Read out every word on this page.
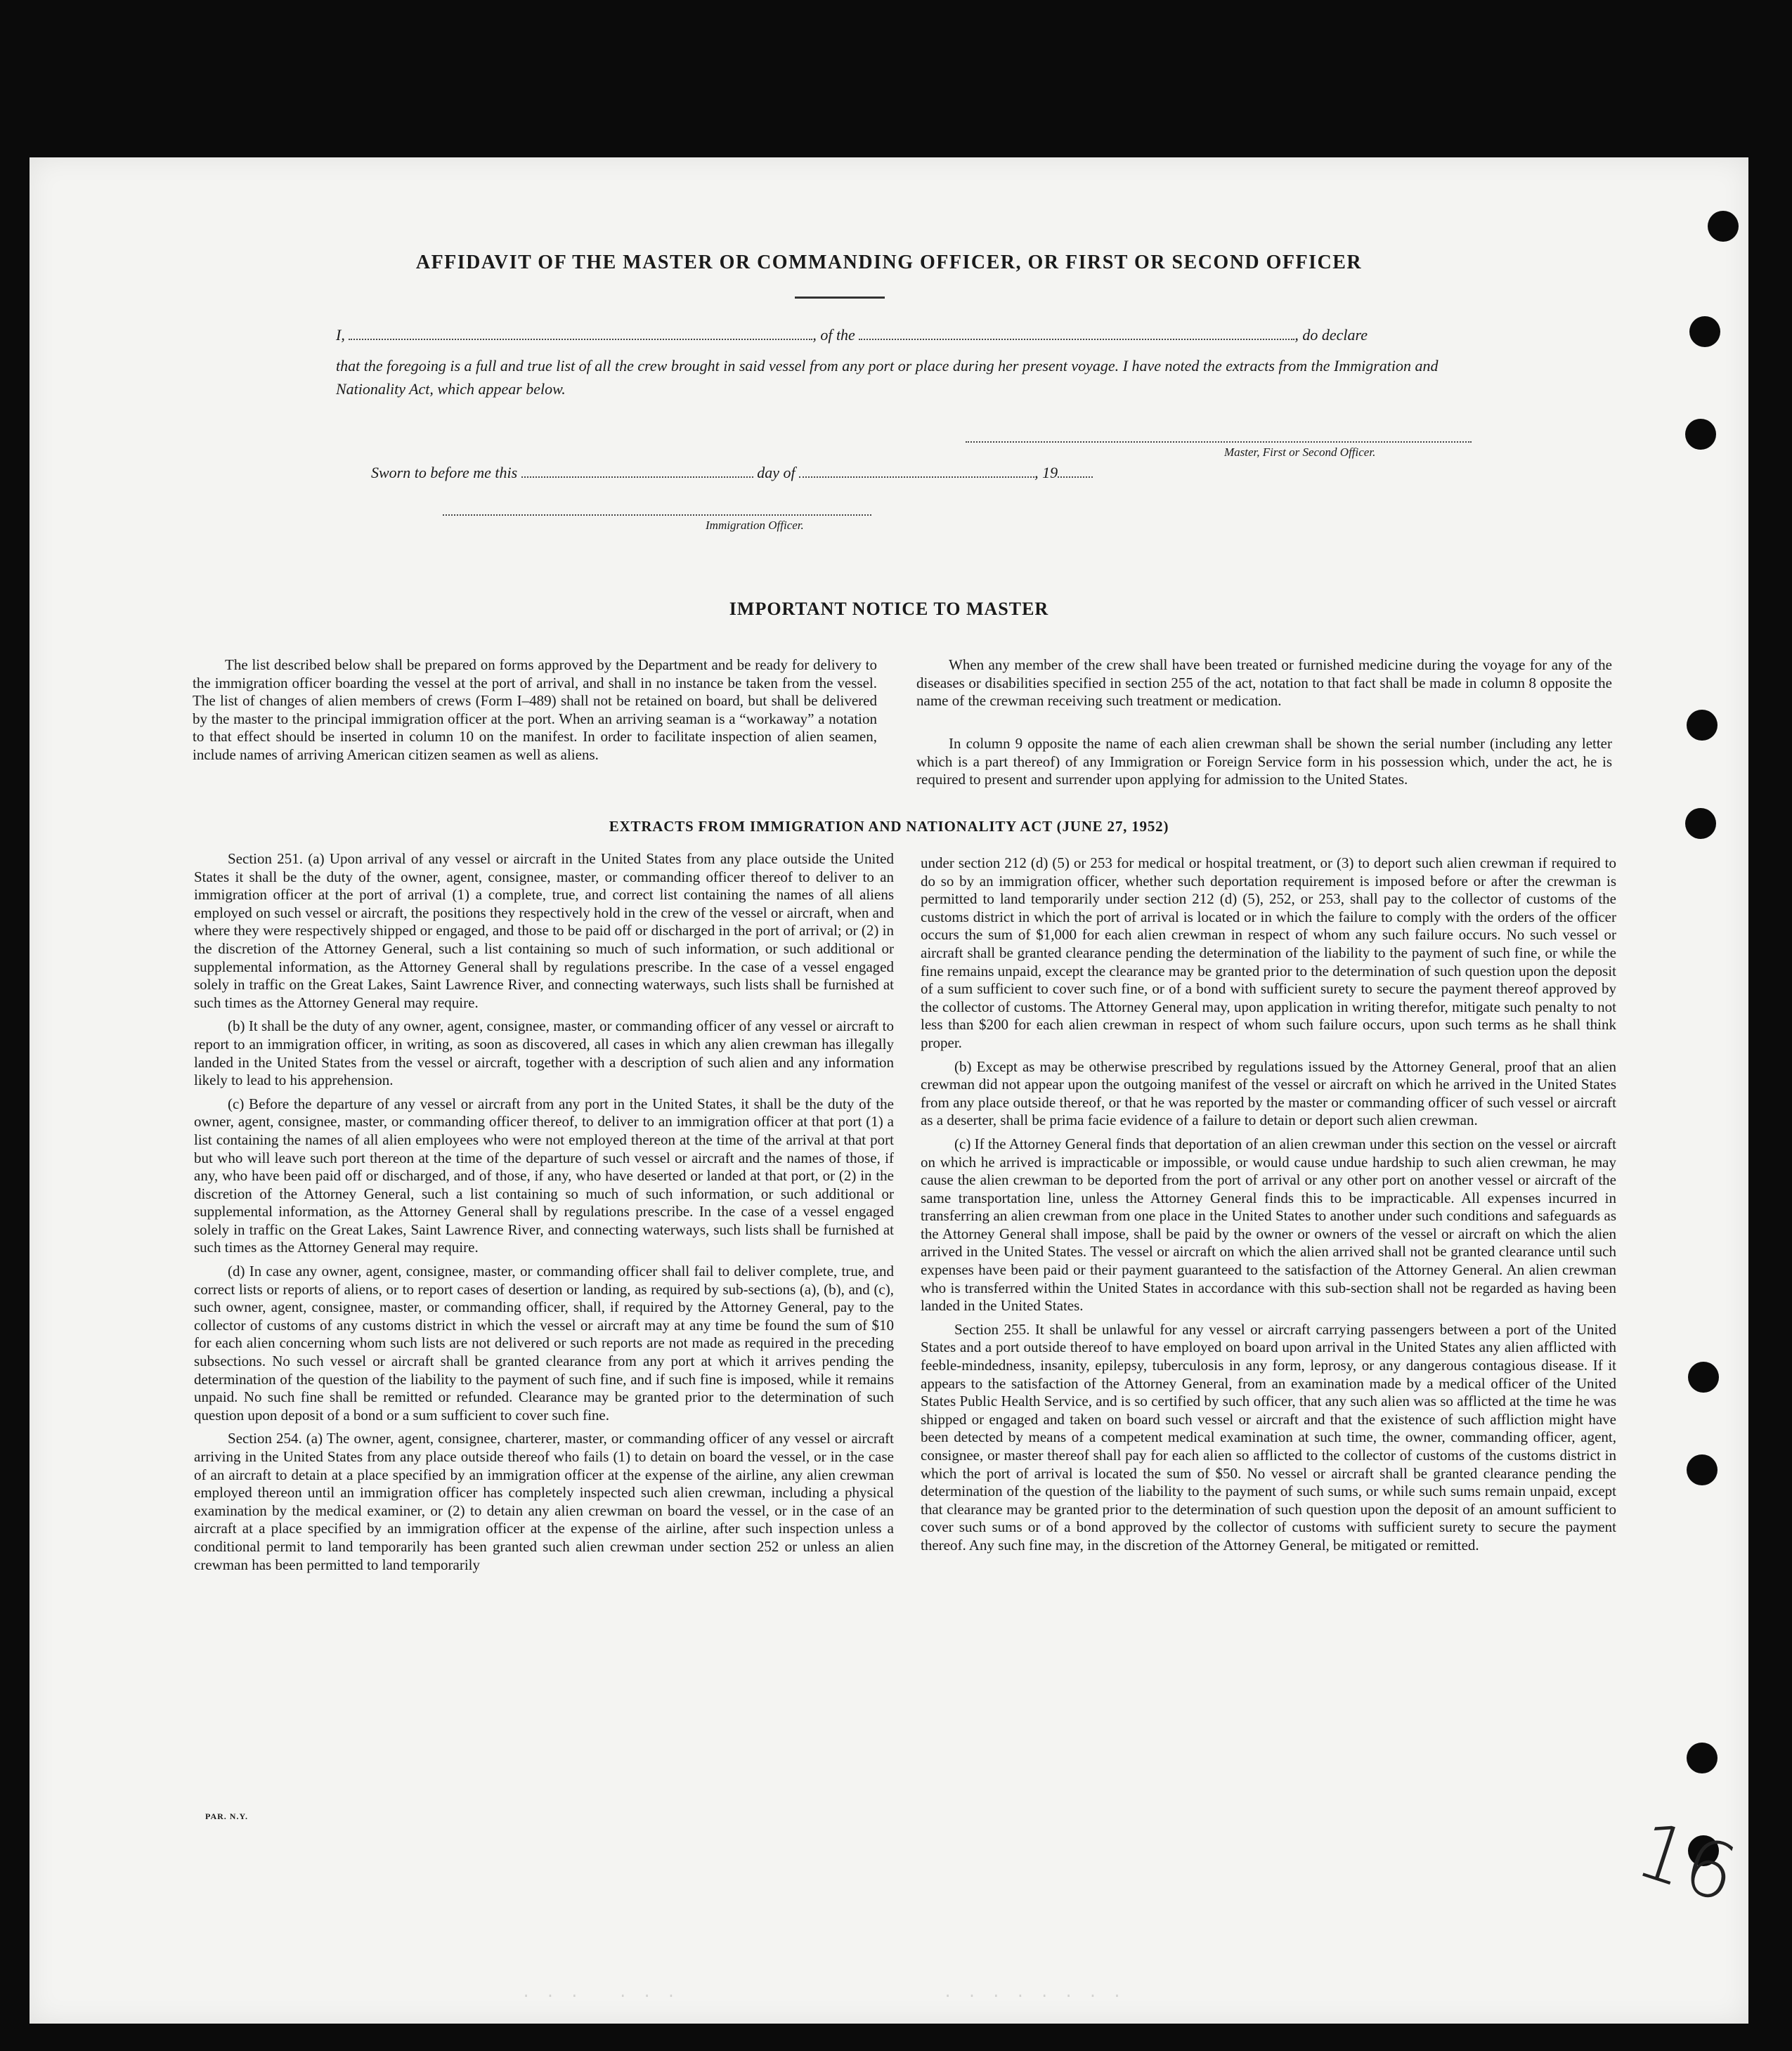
AFFIDAVIT OF THE MASTER OR COMMANDING OFFICER, OR FIRST OR SECOND OFFICER
I,	, of the	, do declare
that the foregoing is a full and true list of all the crew brought in said vessel from any port or place during her present voyage. I have noted the extracts from the Immigration and Nationality Act, which appear below.
Master, First or Second Officer.
Sworn to before me this	day of	, 19
Immigration Officer.
IMPORTANT NOTICE TO MASTER

The list described below shall be prepared on forms approved by the Department and be ready for delivery to the immigration officer boarding the vessel at the port of arrival, and shall in no instance be taken from the vessel. The list of changes of alien members of crews (Form I–489) shall not be retained on board, but shall be delivered by the master to the principal immigration officer at the port. When an arriving seaman is a “workaway” a notation to that effect should be inserted in column 10 on the manifest. In order to facilitate inspection of alien seamen, include names of arriving American citizen seamen as well as aliens.

When any member of the crew shall have been treated or furnished medicine during the voyage for any of the diseases or disabilities specified in section 255 of the act, notation to that fact shall be made in column 8 opposite the name of the crewman receiving such treatment or medication.

In column 9 opposite the name of each alien crewman shall be shown the serial number (including any letter which is a part thereof) of any Immigration or Foreign Service form in his possession which, under the act, he is required to present and surrender upon applying for admission to the United States.

EXTRACTS FROM IMMIGRATION AND NATIONALITY ACT (JUNE 27, 1952)

Section 251. (a) Upon arrival of any vessel or aircraft in the United States from any place outside the United States it shall be the duty of the owner, agent, consignee, master, or commanding officer thereof to deliver to an immigration officer at the port of arrival (1) a complete, true, and correct list containing the names of all aliens employed on such vessel or aircraft, the positions they respectively hold in the crew of the vessel or aircraft, when and where they were respectively shipped or engaged, and those to be paid off or discharged in the port of arrival; or (2) in the discretion of the Attorney General, such a list containing so much of such information, or such additional or supplemental information, as the Attorney General shall by regulations prescribe. In the case of a vessel engaged solely in traffic on the Great Lakes, Saint Lawrence River, and connecting waterways, such lists shall be furnished at such times as the Attorney General may require.

(b) It shall be the duty of any owner, agent, consignee, master, or commanding officer of any vessel or aircraft to report to an immigration officer, in writing, as soon as discovered, all cases in which any alien crewman has illegally landed in the United States from the vessel or aircraft, together with a description of such alien and any information likely to lead to his apprehension.

(c) Before the departure of any vessel or aircraft from any port in the United States, it shall be the duty of the owner, agent, consignee, master, or commanding officer thereof, to deliver to an immigration officer at that port (1) a list containing the names of all alien employees who were not employed thereon at the time of the arrival at that port but who will leave such port thereon at the time of the departure of such vessel or aircraft and the names of those, if any, who have been paid off or discharged, and of those, if any, who have deserted or landed at that port, or (2) in the discretion of the Attorney General, such a list containing so much of such information, or such additional or supplemental information, as the Attorney General shall by regulations prescribe. In the case of a vessel engaged solely in traffic on the Great Lakes, Saint Lawrence River, and connecting waterways, such lists shall be furnished at such times as the Attorney General may require.

(d) In case any owner, agent, consignee, master, or commanding officer shall fail to deliver complete, true, and correct lists or reports of aliens, or to report cases of desertion or landing, as required by sub-sections (a), (b), and (c), such owner, agent, consignee, master, or commanding officer, shall, if required by the Attorney General, pay to the collector of customs of any customs district in which the vessel or aircraft may at any time be found the sum of $10 for each alien concerning whom such lists are not delivered or such reports are not made as required in the preceding subsections. No such vessel or aircraft shall be granted clearance from any port at which it arrives pending the determination of the question of the liability to the payment of such fine, and if such fine is imposed, while it remains unpaid. No such fine shall be remitted or refunded. Clearance may be granted prior to the determination of such question upon deposit of a bond or a sum sufficient to cover such fine.

Section 254. (a) The owner, agent, consignee, charterer, master, or commanding officer of any vessel or aircraft arriving in the United States from any place outside thereof who fails (1) to detain on board the vessel, or in the case of an aircraft to detain at a place specified by an immigration officer at the expense of the airline, any alien crewman employed thereon until an immigration officer has completely inspected such alien crewman, including a physical examination by the medical examiner, or (2) to detain any alien crewman on board the vessel, or in the case of an aircraft at a place specified by an immigration officer at the expense of the airline, after such inspection unless a conditional permit to land temporarily has been granted such alien crewman under section 252 or unless an alien crewman has been permitted to land temporarily

under section 212 (d) (5) or 253 for medical or hospital treatment, or (3) to deport such alien crewman if required to do so by an immigration officer, whether such deportation requirement is imposed before or after the crewman is permitted to land temporarily under section 212 (d) (5), 252, or 253, shall pay to the collector of customs of the customs district in which the port of arrival is located or in which the failure to comply with the orders of the officer occurs the sum of $1,000 for each alien crewman in respect of whom any such failure occurs. No such vessel or aircraft shall be granted clearance pending the determination of the liability to the payment of such fine, or while the fine remains unpaid, except the clearance may be granted prior to the determination of such question upon the deposit of a sum sufficient to cover such fine, or of a bond with sufficient surety to secure the payment thereof approved by the collector of customs. The Attorney General may, upon application in writing therefor, mitigate such penalty to not less than $200 for each alien crewman in respect of whom such failure occurs, upon such terms as he shall think proper.

(b) Except as may be otherwise prescribed by regulations issued by the Attorney General, proof that an alien crewman did not appear upon the outgoing manifest of the vessel or aircraft on which he arrived in the United States from any place outside thereof, or that he was reported by the master or commanding officer of such vessel or aircraft as a deserter, shall be prima facie evidence of a failure to detain or deport such alien crewman.

(c) If the Attorney General finds that deportation of an alien crewman under this section on the vessel or aircraft on which he arrived is impracticable or impossible, or would cause undue hardship to such alien crewman, he may cause the alien crewman to be deported from the port of arrival or any other port on another vessel or aircraft of the same transportation line, unless the Attorney General finds this to be impracticable. All expenses incurred in transferring an alien crewman from one place in the United States to another under such conditions and safeguards as the Attorney General shall impose, shall be paid by the owner or owners of the vessel or aircraft on which the alien arrived in the United States. The vessel or aircraft on which the alien arrived shall not be granted clearance until such expenses have been paid or their payment guaranteed to the satisfaction of the Attorney General. An alien crewman who is transferred within the United States in accordance with this sub-section shall not be regarded as having been landed in the United States.

Section 255. It shall be unlawful for any vessel or aircraft carrying passengers between a port of the United States and a port outside thereof to have employed on board upon arrival in the United States any alien afflicted with feeble-mindedness, insanity, epilepsy, tuberculosis in any form, leprosy, or any dangerous contagious disease. If it appears to the satisfaction of the Attorney General, from an examination made by a medical officer of the United States Public Health Service, and is so certified by such officer, that any such alien was so afflicted at the time he was shipped or engaged and taken on board such vessel or aircraft and that the existence of such affliction might have been detected by means of a competent medical examination at such time, the owner, commanding officer, agent, consignee, or master thereof shall pay for each alien so afflicted to the collector of customs of the customs district in which the port of arrival is located the sum of $50. No vessel or aircraft shall be granted clearance pending the determination of the question of the liability to the payment of such sums, or while such sums remain unpaid, except that clearance may be granted prior to the determination of such question upon the deposit of an amount sufficient to cover such sums or of a bond approved by the collector of customs with sufficient surety to secure the payment thereof. Any such fine may, in the discretion of the Attorney General, be mitigated or remitted.

PAR. N.Y.
. . .   . . .	. . . . . . . .
16
